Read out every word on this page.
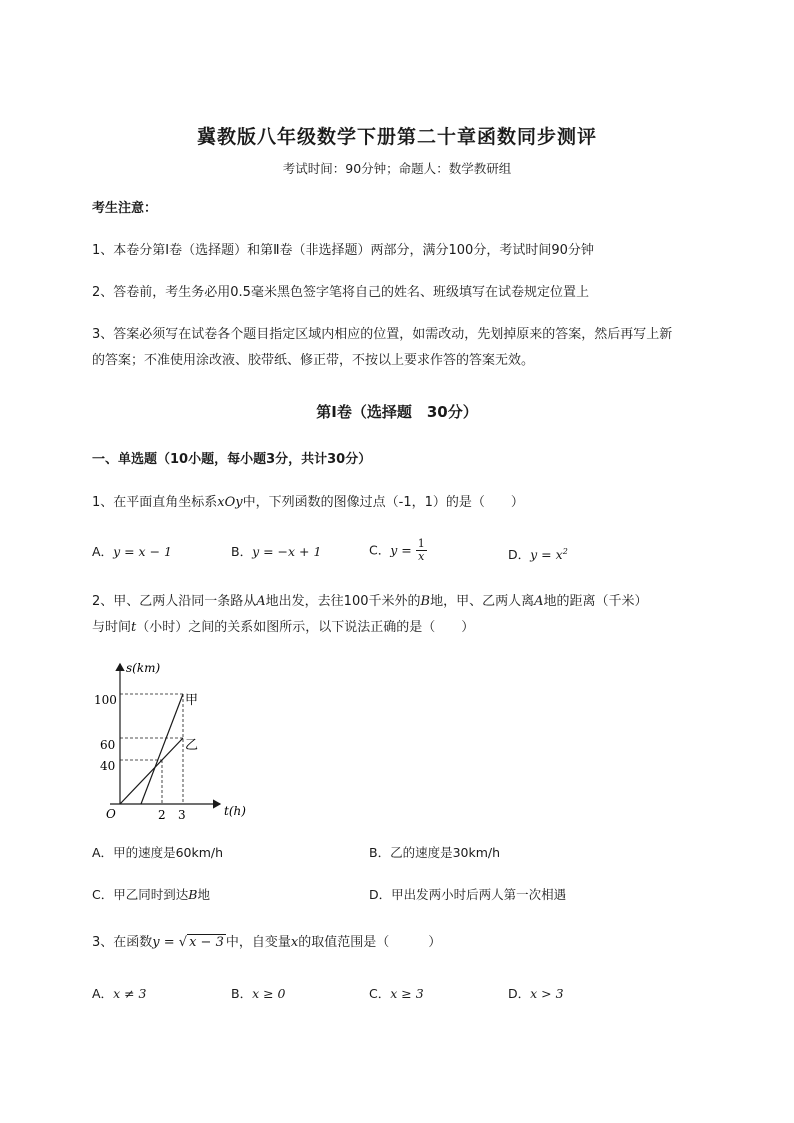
冀教版八年级数学下册第二十章函数同步测评
考试时间：90分钟；命题人：数学教研组
考生注意：
1、本卷分第Ⅰ卷（选择题）和第Ⅱ卷（非选择题）两部分，满分100分，考试时间90分钟
2、答卷前，考生务必用0.5毫米黑色签字笔将自己的姓名、班级填写在试卷规定位置上
3、答案必须写在试卷各个题目指定区域内相应的位置，如需改动，先划掉原来的答案，然后再写上新
的答案；不准使用涂改液、胶带纸、修正带，不按以上要求作答的答案无效。
第Ⅰ卷（选择题　30分）
一、单选题（10小题，每小题3分，共计30分）
1、在平面直角坐标系xOy中，下列函数的图像过点（-1，1）的是（　　）
A．y = x − 1	B．y = −x + 1	C．$y = \frac{1}{x}$	D．$y = x^2$
2、甲、乙两人沿同一条路从A地出发，去往100千米外的B地，甲、乙两人离A地的距离（千米）
与时间t（小时）之间的关系如图所示，以下说法正确的是（　　）
s(km)
t(h)
O
100
60
40
2 3
甲
乙
A．甲的速度是60km/h	B．乙的速度是30km/h
C．甲乙同时到达B地	D．甲出发两小时后两人第一次相遇
3、在函数y = √ x − 3 中，自变量x的取值范围是（　　　）
A．x ≠ 3	B．x ≥ 0	C．x ≥ 3	D．x > 3
